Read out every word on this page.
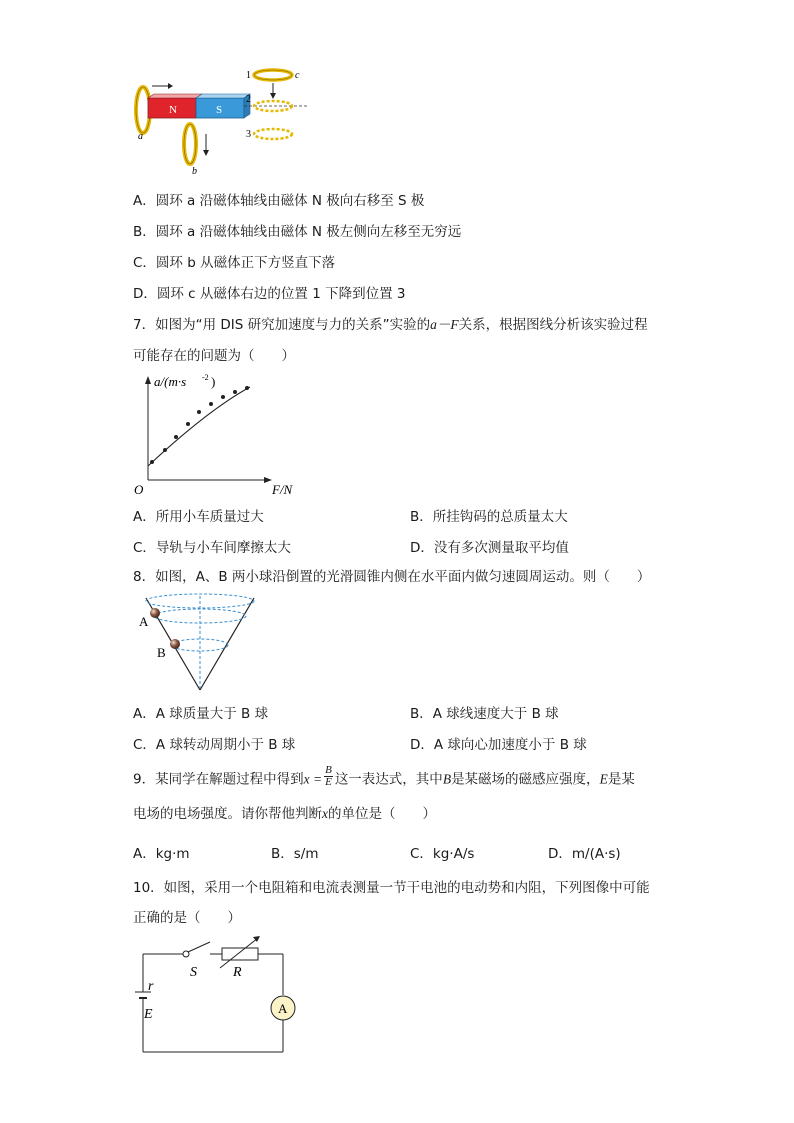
N	S
a
b
c
1
2
3
A．圆环 a 沿磁体轴线由磁体 N 极向右移至 S 极
B．圆环 a 沿磁体轴线由磁体 N 极左侧向左移至无穷远
C．圆环 b 从磁体正下方竖直下落
D．圆环 c 从磁体右边的位置 1 下降到位置 3
7．如图为“用 DIS 研究加速度与力的关系”实验的a－F关系，根据图线分析该实验过程
可能存在的问题为（　　）
O	F/N
a/(m·s -2 )
A．所用小车质量过大	B．所挂钩码的总质量太大
C．导轨与小车间摩擦太大	D．没有多次测量取平均值
8．如图，A、B 两小球沿倒置的光滑圆锥内侧在水平面内做匀速圆周运动。则（　　）
A
B
A．A 球质量大于 B 球	B．A 球线速度大于 B 球
C．A 球转动周期小于 B 球	D．A 球向心加速度小于 B 球
9．某同学在解题过程中得到$x = \frac{B}{E}$ 这一表达式，其中B是某磁场的磁感应强度，E是某
电场的电场强度。请你帮他判断x的单位是（　　）
A．kg·m	B．s/m	C．kg·A/s	D．m/(A·s)
10．如图，采用一个电阻箱和电流表测量一节干电池的电动势和内阻，下列图像中可能
正确的是（　　）
r
E
S	R
A
